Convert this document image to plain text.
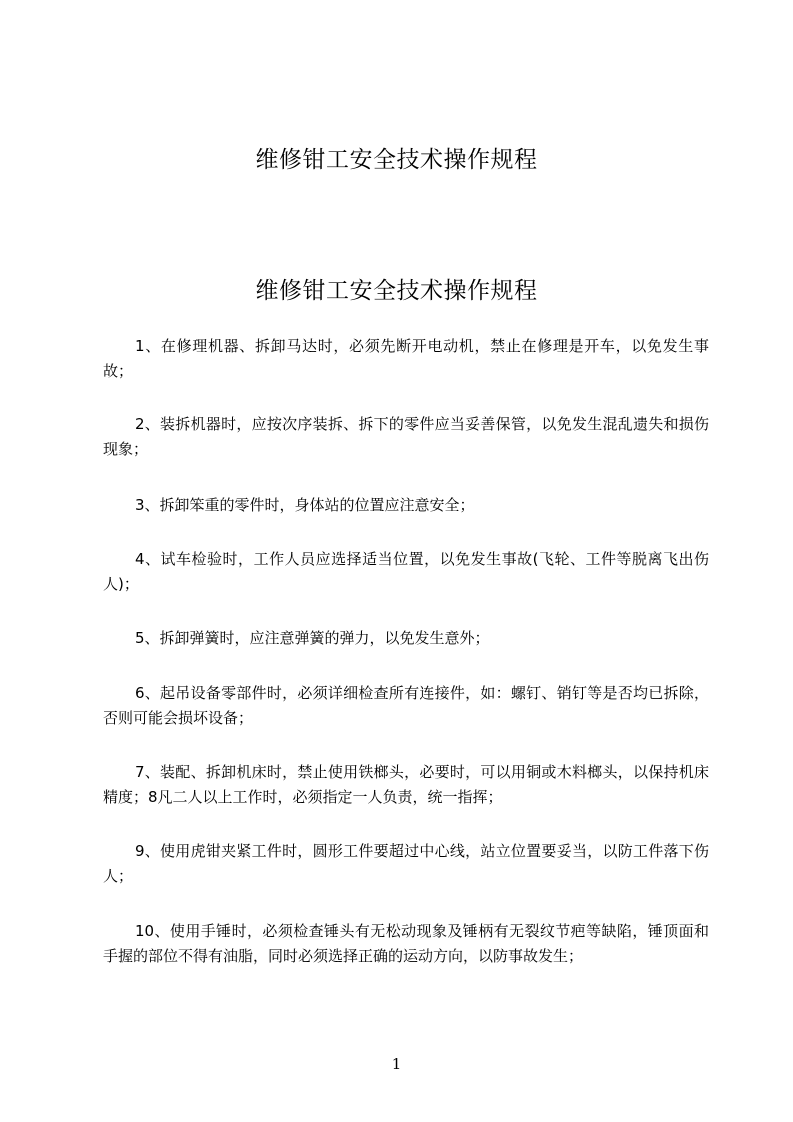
维修钳工安全技术操作规程
维修钳工安全技术操作规程

1、在修理机器、拆卸马达时，必须先断开电动机，禁止在修理是开车，以免发生事故；

2、装拆机器时，应按次序装拆、拆下的零件应当妥善保管，以免发生混乱遗失和损伤现象；

3、拆卸笨重的零件时，身体站的位置应注意安全；

4、试车检验时，工作人员应选择适当位置，以免发生事故(飞轮、工件等脱离飞出伤人)；

5、拆卸弹簧时，应注意弹簧的弹力，以免发生意外；

6、起吊设备零部件时，必须详细检查所有连接件，如：螺钉、销钉等是否均已拆除，否则可能会损坏设备；

7、装配、拆卸机床时，禁止使用铁榔头，必要时，可以用铜或木料榔头，以保持机床精度；8凡二人以上工作时，必须指定一人负责，统一指挥；

9、使用虎钳夹紧工件时，圆形工件要超过中心线，站立位置要妥当，以防工件落下伤人；

10、使用手锤时，必须检查锤头有无松动现象及锤柄有无裂纹节疤等缺陷，锤顶面和手握的部位不得有油脂，同时必须选择正确的运动方向，以防事故发生；

1
